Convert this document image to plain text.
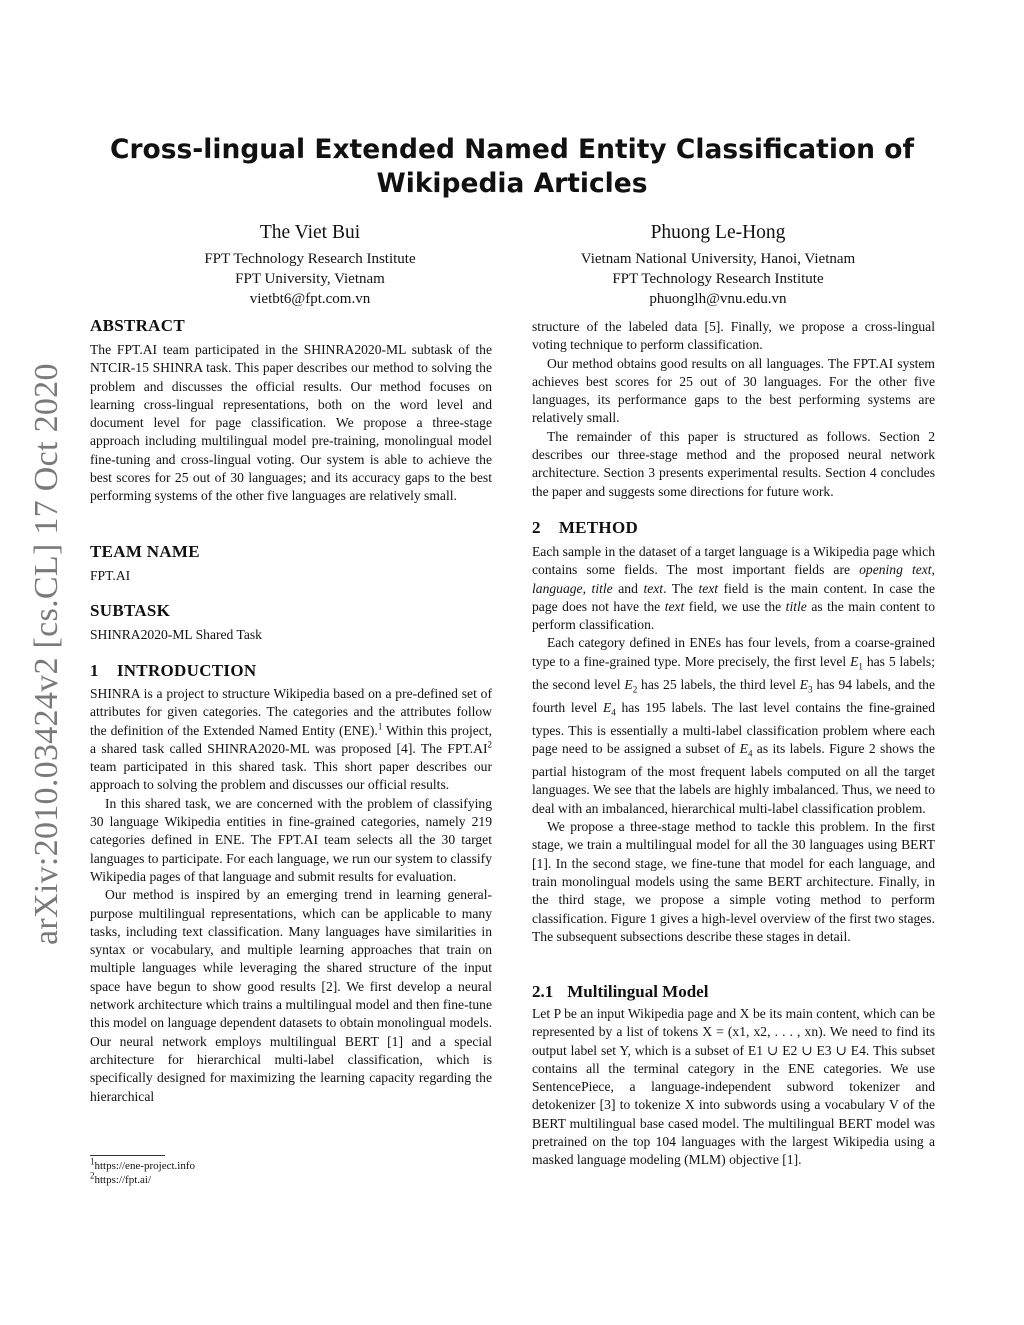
arXiv:2010.03424v2 [cs.CL] 17 Oct 2020
Cross-lingual Extended Named Entity Classification of
Wikipedia Articles
The Viet Bui
FPT Technology Research Institute
FPT University, Vietnam
vietbt6@fpt.com.vn
Phuong Le-Hong
Vietnam National University, Hanoi, Vietnam
FPT Technology Research Institute
phuonglh@vnu.edu.vn
ABSTRACT

The FPT.AI team participated in the SHINRA2020-ML subtask of the NTCIR-15 SHINRA task. This paper describes our method to solving the problem and discusses the official results. Our method focuses on learning cross-lingual representations, both on the word level and document level for page classification. We propose a three-stage approach including multilingual model pre-training, monolingual model fine-tuning and cross-lingual voting. Our system is able to achieve the best scores for 25 out of 30 languages; and its accuracy gaps to the best performing systems of the other five languages are relatively small.

TEAM NAME
FPT.AI
SUBTASK
SHINRA2020-ML Shared Task
1 INTRODUCTION

SHINRA is a project to structure Wikipedia based on a pre-defined set of attributes for given categories. The categories and the attributes follow the definition of the Extended Named Entity (ENE).$^1$ Within this project, a shared task called SHINRA2020-ML was proposed [4]. The $FPT.AI^2$ team participated in this shared task. This short paper describes our approach to solving the problem and discusses our official results.

In this shared task, we are concerned with the problem of classifying 30 language Wikipedia entities in fine-grained categories, namely 219 categories defined in ENE. The FPT.AI team selects all the 30 target languages to participate. For each language, we run our system to classify Wikipedia pages of that language and submit results for evaluation.

Our method is inspired by an emerging trend in learning general-purpose multilingual representations, which can be applicable to many tasks, including text classification. Many languages have similarities in syntax or vocabulary, and multiple learning approaches that train on multiple languages while leveraging the shared structure of the input space have begun to show good results [2]. We first develop a neural network architecture which trains a multilingual model and then fine-tune this model on language dependent datasets to obtain monolingual models. Our neural network employs multilingual BERT [1] and a special architecture for hierarchical multi-label classification, which is specifically designed for maximizing the learning capacity regarding the hierarchical

$^1$https://ene-project.info
$^2$https://fpt.ai/

structure of the labeled data [5]. Finally, we propose a cross-lingual voting technique to perform classification.

Our method obtains good results on all languages. The FPT.AI system achieves best scores for 25 out of 30 languages. For the other five languages, its performance gaps to the best performing systems are relatively small.

The remainder of this paper is structured as follows. Section 2 describes our three-stage method and the proposed neural network architecture. Section 3 presents experimental results. Section 4 concludes the paper and suggests some directions for future work.

2 METHOD

Each sample in the dataset of a target language is a Wikipedia page which contains some fields. The most important fields are opening text, language, title and text. The text field is the main content. In case the page does not have the text field, we use the title as the main content to perform classification.

Each category defined in ENEs has four levels, from a coarse-grained type to a fine-grained type. More precisely, the first level $E_1$ has 5 labels; the second level $E_2$ has 25 labels, the third level $E_3$ has 94 labels, and the fourth level $E_4$ has 195 labels. The last level contains the fine-grained types. This is essentially a multi-label classification problem where each page need to be assigned a subset of $E_4$ as its labels. Figure 2 shows the partial histogram of the most frequent labels computed on all the target languages. We see that the labels are highly imbalanced. Thus, we need to deal with an imbalanced, hierarchical multi-label classification problem.

We propose a three-stage method to tackle this problem. In the first stage, we train a multilingual model for all the 30 languages using BERT [1]. In the second stage, we fine-tune that model for each language, and train monolingual models using the same BERT architecture. Finally, in the third stage, we propose a simple voting method to perform classification. Figure 1 gives a high-level overview of the first two stages. The subsequent subsections describe these stages in detail.

2.1 Multilingual Model

Let P be an input Wikipedia page and X be its main content, which can be represented by a list of tokens X = (x1, x2, . . . , xn). We need to find its output label set Y, which is a subset of E1 ∪ E2 ∪ E3 ∪ E4. This subset contains all the terminal category in the ENE categories. We use SentencePiece, a language-independent subword tokenizer and detokenizer [3] to tokenize X into subwords using a vocabulary V of the BERT multilingual base cased model. The multilingual BERT model was pretrained on the top 104 languages with the largest Wikipedia using a masked language modeling (MLM) objective [1].
